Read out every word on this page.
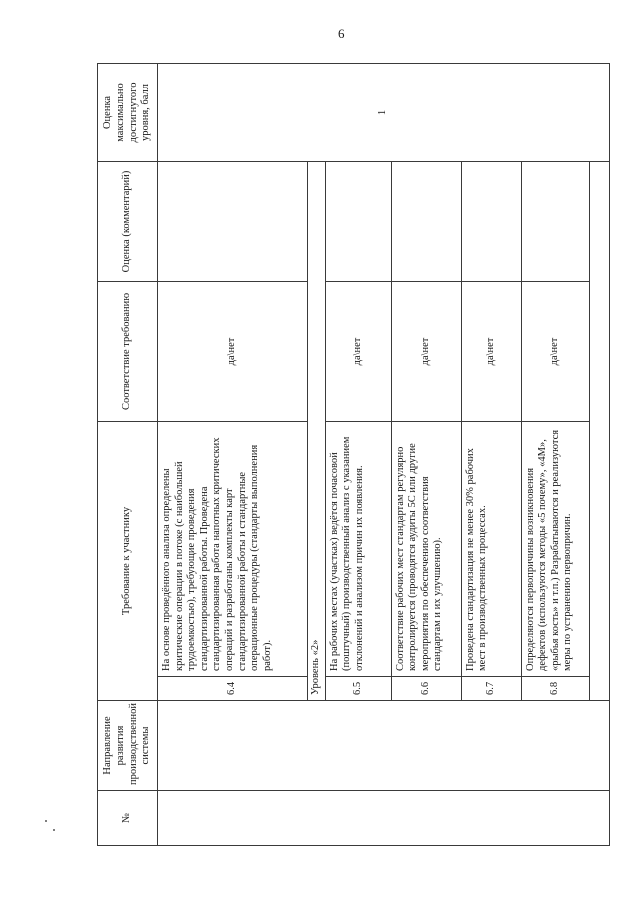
6
№	Направление развития производственной системы	Требование к участнику		Соответствие требованию	Оценка (комментарий)	Оценка максимально достигнутого уровня, балл
		6.4	На основе проведённого анализа определены критические операции в потоке (с наибольшей трудоемкостью), требующие проведения стандартизированной работы. Проведена стандартизированная работа напотных критических операций и разработаны комплекты карт стандартизированной работы и стандартные операционные процедуры (стандарты выполнения работ).	да\нет		1
		Уровень «2»				
		6.5	На рабочих местах (участках) ведётся почасовой (поштучный) производственный анализ с указанием отклонений и анализом причин их появления.	да\нет		
		6.6	Соответствие рабочих мест стандартам регулярно контролируется (проводятся аудиты 5С или другие мероприятия по обеспечению соответствия стандартам и их улучшению).	да\нет		
		6.7	Проведена стандартизация не менее 30% рабочих мест в производственных процессах.	да\нет		
		6.8	Определяются первопричины возникновения дефектов (используются методы «5 почему», «4М», «рыбья кость» и т.п.) Разрабатываются и реализуются меры по устранению первопричин.	да\нет		
